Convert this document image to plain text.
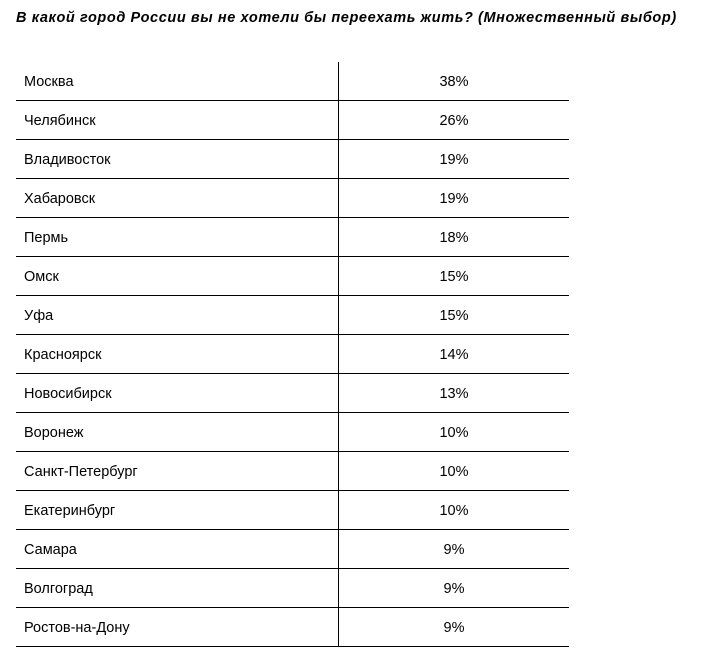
В какой город России вы не хотели бы переехать жить? (Множественный выбор)
Москва	38%
Челябинск	26%
Владивосток	19%
Хабаровск	19%
Пермь	18%
Омск	15%
Уфа	15%
Красноярск	14%
Новосибирск	13%
Воронеж	10%
Санкт-Петербург	10%
Екатеринбург	10%
Самара	9%
Волгоград	9%
Ростов-на-Дону	9%
